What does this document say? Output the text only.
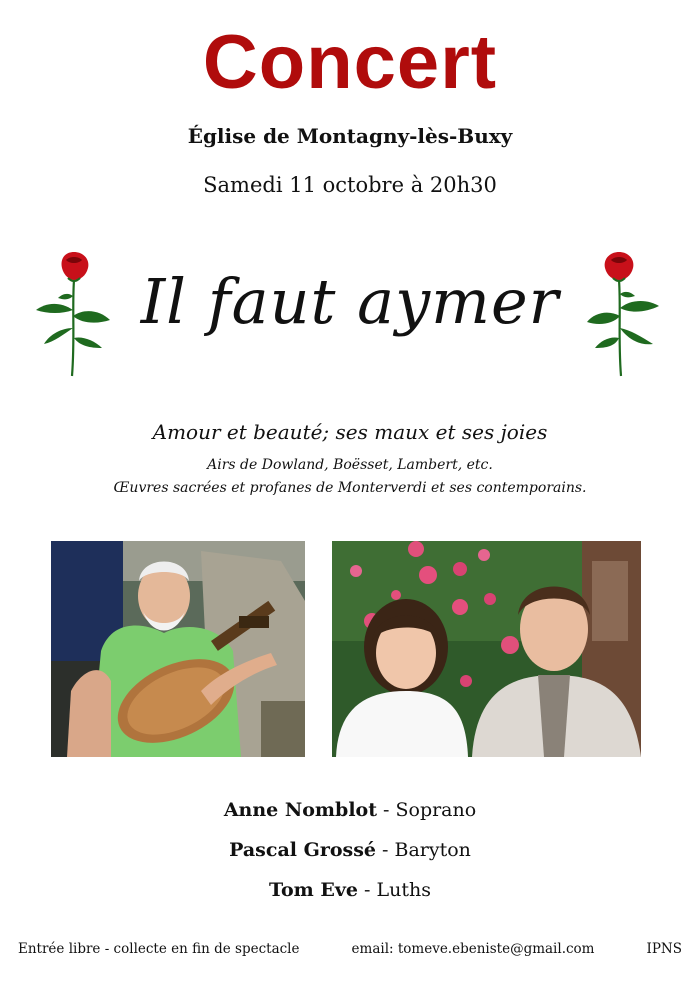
Concert
Église de Montagny-lès-Buxy
Samedi 11 octobre à 20h30
Il faut aymer
Amour et beauté; ses maux et ses joies
Airs de Dowland, Boësset, Lambert, etc.
Œuvres sacrées et profanes de Monterverdi et ses contemporains.
Anne Nomblot - Soprano
Pascal Grossé - Baryton
Tom Eve - Luths
Entrée libre - collecte en fin de spectacle	email: tomeve.ebeniste@gmail.com	IPNS
